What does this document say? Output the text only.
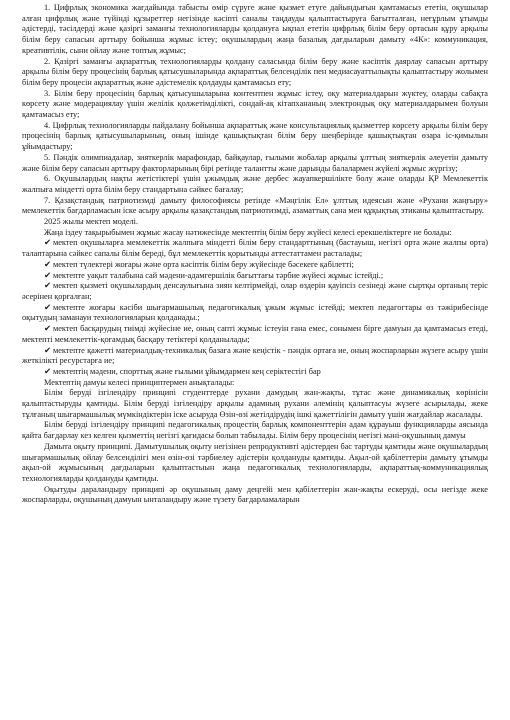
1. Цифрлық экономика жағдайында табысты өмір сүруге және қызмет етуге дайындығын қамтамасыз ететін, оқушылар алған цифрлық және түйінді құзыреттер негізінде кәсіпті саналы таңдауды қалыптастыруға бағытталған, неғұрлым ұтымды әдістерді, тәсілдерді және қазіргі заманғы технологияларды қолдануға ықпал ететін цифрлық білім беру ортасын құру арқылы білім беру сапасын арттыру бойынша жұмыс істеу; оқушылардың жаңа базалық дағдыларын дамыту «4К»: коммуникация, креативтілік, сыни ойлау және топтық жұмыс;

2. Қазіргі заманғы ақпараттық технологияларды қолдану саласында білім беру және кәсіптік даярлау сапасын арттыру арқылы білім беру процесінің барлық қатысушыларында ақпараттық белсенділік пен медиасауаттылықты қалыптастыру жолымен білім беру процесін ақпараттық және әдістемелік қолдауды қамтамасыз ету;

3. Білім беру процесінің барлық қатысушыларына контентпен жұмыс істеу, оқу материалдарын жүктеу, оларды сабақта көрсету және модерациялау үшін желілік қолжетімділікті, сондай-ақ кітапхананың электрондық оқу материалдарымен болуын қамтамасыз ету;

4. Цифрлық технологияларды пайдалану бойынша ақпараттық және консультациялық қызметтер көрсету арқылы білім беру процесінің барлық қатысушыларының, оның ішінде қашықтықтан білім беру шеңберінде қашықтықтан өзара іс-қимылын ұйымдастыру;

5. Пәндік олимпиадалар, зияткерлік марафондар, байқаулар, ғылыми жобалар арқылы ұлттың зияткерлік әлеуетін дамыту және білім беру сапасын арттыру факторларының бірі ретінде талантты және дарынды балалармен жүйелі жұмыс жүргізу;

6. Оқушылардың нақты жетістіктері үшін ұжымдық және дербес жауапкершілікте болу және оларды ҚР Мемлекеттік жалпыға міндетті орта білім беру стандартына сәйкес бағалау;

7. Қазақстандық патриотизмді дамыту философиясы ретінде «Мәңгілік Ел» ұлттық идеясын және «Рухани жаңғыру» мемлекеттік бағдарламасын іске асыру арқылы қазақстандық патриотизмді, азаматтық сана мен құқықтық этиканы қалыптастыру.

2025 жылы мектеп моделі.

Жаңа іздеу тақырыбымен жұмыс жасау нәтижесінде мектептің білім беру жүйесі келесі ерекшеліктерге не болады:

✔ мектеп оқушыларға мемлекеттік жалпыға міндетті білім беру стандарттының (бастауыш, негізгі орта және жалпы орта) талаптарына сәйкес сапалы білім береді, бұл мемлекеттік қорытынды аттестаттамен расталады;

✔ мектеп түлектері жоғары және орта кәсіптік білім беру жүйесінде бәсекеге қабілетті;

✔ мектепте уақыт талабына сай мәдени-адамгершілік бағыттағы тәрбие жүйесі жұмыс істейді.;

✔ мектеп қызметі оқушылардың денсаулығына зиян келтірмейді, олар өздерін қауіпсіз сезінеді және сыртқы ортаның теріс әсерінен қорғалған;

✔ мектепте жоғары кәсіби шығармашылық педагогикалық ұжым жұмыс істейді; мектеп педагогтары өз тәжірибесінде оқытудың заманауи технологияларын қолданады.;

✔ мектеп басқарудың тиімді жүйесіне ие, оның сапті жұмыс істеуін ғана емес, сонымен бірге дамуын да қамтамасыз етеді, мектепті мемлекеттік-қоғамдық басқару тетіктері қолданылады;

✔ мектепте қажетті материалдық-техникалық базаға және кеңістік - пәндік ортаға ие, оның жоспарларын жүзеге асыру үшін жеткілікті ресурстарға ие;

✔ мектептің мәдени, спорттық және ғылыми ұйымдармен кең серіктестігі бар

Мектептің дамуы келесі принциптермен анықталады:

Білім беруді ізгілендіру принципі студенттерде рухани дамудың жан-жақты, тұтас және динамикалық көрінісін қалыптастыруды қамтиды. Білім беруді ізгілендіру арқылы адамның рухани әлемінің қалыптасуы жүзеге асырылады, жеке тұлғаның шығармашылық мүмкіндіктерін іске асыруда Өзін-өзі жетілдірудің ішкі қажеттілігін дамыту үшін жағдайлар жасалады.

Білім беруді ізгілендіру принципі педагогикалық процестің барлық компоненттерін адам құрауыш функцияларды аясында қайта бағдарлау кез келген қызметтің негізгі қағидасы болып табылады. Білім беру процесінің негізгі мәні-оқушының дамуы

Дамыта оқыту принципі. Дамытушылық оқыту негізінен репродуктивті әдістерден бас тартуды қамтиды және оқушылардың шығармашылық ойлау белсенділігі мен өзін-өзі тәрбиелеу әдістерін қолдануды қамтиды. Ақыл-ой қабілеттерін дамыту ұтымды ақыл-ой жұмысының дағдыларын қалыптастыын жаңа педагогикалық технологияларды, ақпараттық-коммуникациялық технологияларды қолдануды қамтиды.

Оқытуды дараландыру принципі әр оқушының даму деңгейі мен қабілеттерін жан-жақты ескеруді, осы негізде жеке жоспарларды, оқушының дамуын ынталандыру және түзету бағдарламаларын
